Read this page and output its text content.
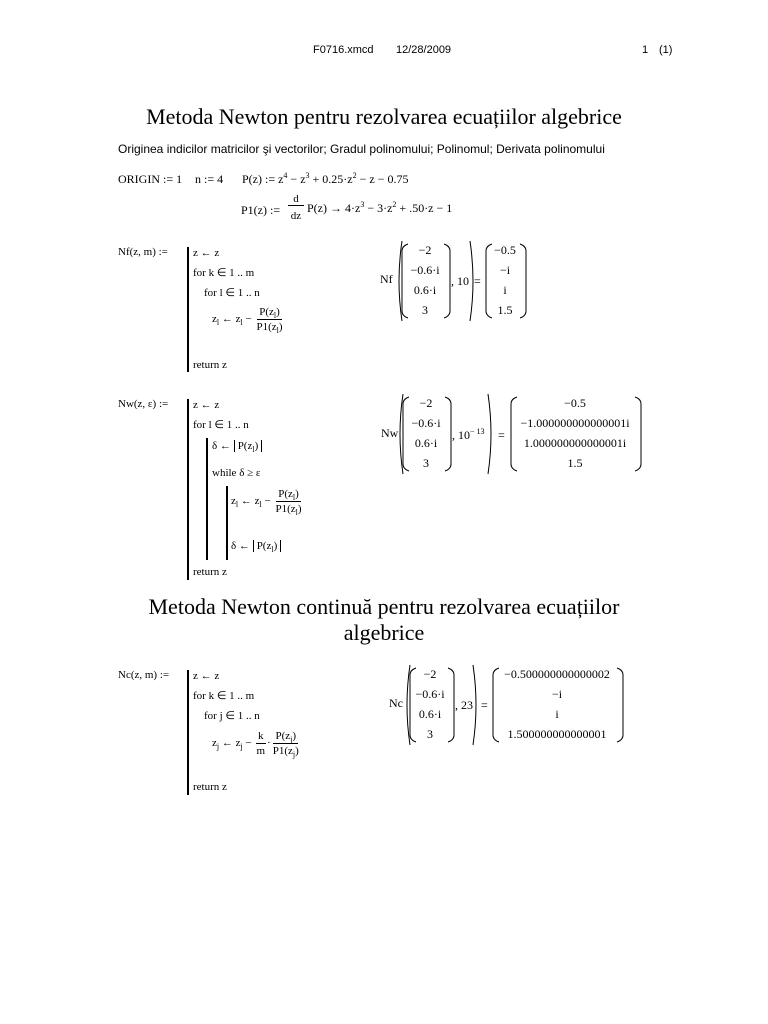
F0716.xmcd 12/28/2009	1 (1)
Metoda Newton pentru rezolvarea ecuațiilor algebrice
Originea indicilor matricilor şi vectorilor; Gradul polinomului; Polinomul; Derivata polinomului
ORIGIN := 1 n := 4 P(z) := $z^4 - z^3 + 0.25\cdot z^2 - z - 0.75$
P1(z) :=
d
dz
$P(z) \to 4\cdot z^3 - 3\cdot z^2 + .50\cdot z - 1$
Nf(z, m) := z ← z
for k ∈ 1 .. m
for l ∈ 1 .. n
$z_l$ ← $z_l - \frac{P(z_l)}{P1(z_l)}$
return z
Nf
−2
−0.6·i
0.6·i
3
, 10 =
−0.5
−i
i
1.5
Nw(z, ε) := z ← z
for l ∈ 1 .. n
δ ← $P(z_l)$
while δ ≥ ε
$z_l$ ← $z_l - \frac{P(z_l)}{P1(z_l)}$
δ ← $P(z_l)$
return z
Nw
−2
−0.6·i
0.6·i
3
, $10^{- 13}$ =
−0.5
−1.000000000000001i
1.000000000000001i
1.5
Metoda Newton continuă pentru rezolvarea ecuațiilor
algebrice
Nc(z, m) := z ← z
for k ∈ 1 .. m
for j ∈ 1 .. n
$z_j$ ← $z_j - \frac{k}{m} \cdot \frac{P(z_j)}{P1(z_j)}$
return z
Nc
−2
−0.6·i
0.6·i
3
, 23 =
−0.500000000000002
−i
i
1.500000000000001
